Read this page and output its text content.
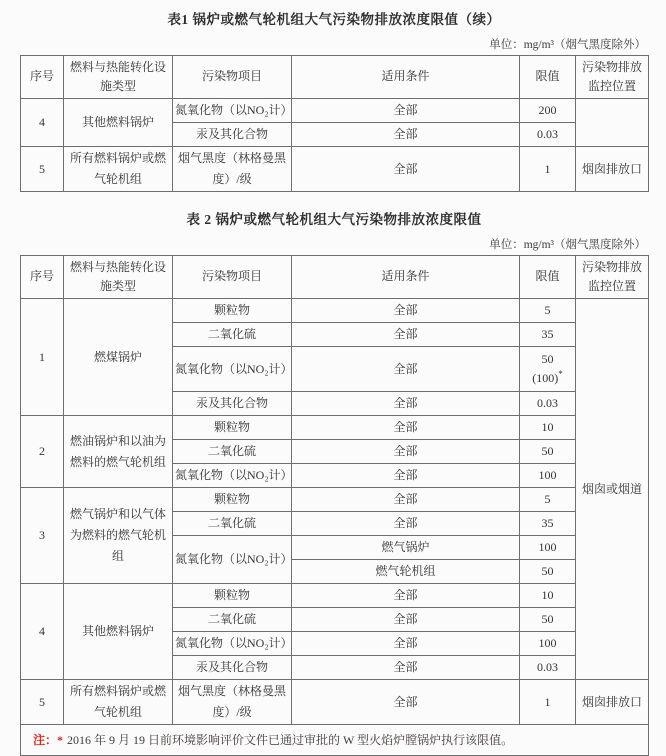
表1 锅炉或燃气轮机组大气污染物排放浓度限值（续）
单位：mg/m³（烟气黑度除外）
序号	燃料与热能转化设施类型	污染物项目	适用条件	限值	污染物排放监控位置
4	其他燃料锅炉	氮氧化物（以NO₂计）	全部	200	
		汞及其化合物	全部	0.03	
5	所有燃料锅炉或燃气轮机组	烟气黑度（林格曼黑度）/级	全部	1	烟囱排放口
表 2 锅炉或燃气轮机组大气污染物排放浓度限值
单位：mg/m³（烟气黑度除外）
序号	燃料与热能转化设施类型	污染物项目	适用条件	限值	污染物排放监控位置
1	燃煤锅炉	颗粒物	全部	5	烟囱或烟道
		二氧化硫	全部	35	
		氮氧化物（以NO₂计）	全部	50
(100)*

		汞及其化合物	全部	0.03	
2	燃油锅炉和以油为燃料的燃气轮机组	颗粒物	全部	10	
		二氧化硫	全部	50	
		氮氧化物（以NO₂计）	全部	100	
3	燃气锅炉和以气体为燃料的燃气轮机组	颗粒物	全部	5	
		二氧化硫	全部	35	
		氮氧化物（以NO₂计）	燃气锅炉	100	
			燃气轮机组	50	
4	其他燃料锅炉	颗粒物	全部	10	
		二氧化硫	全部	50	
		氮氧化物（以NO₂计）	全部	100	
		汞及其化合物	全部	0.03	
5	所有燃料锅炉或燃气轮机组	烟气黑度（林格曼黑度）/级	全部	1	烟囱排放口
注：* 2016 年 9 月 19 日前环境影响评价文件已通过审批的 W 型火焰炉膛锅炉执行该限值。					
